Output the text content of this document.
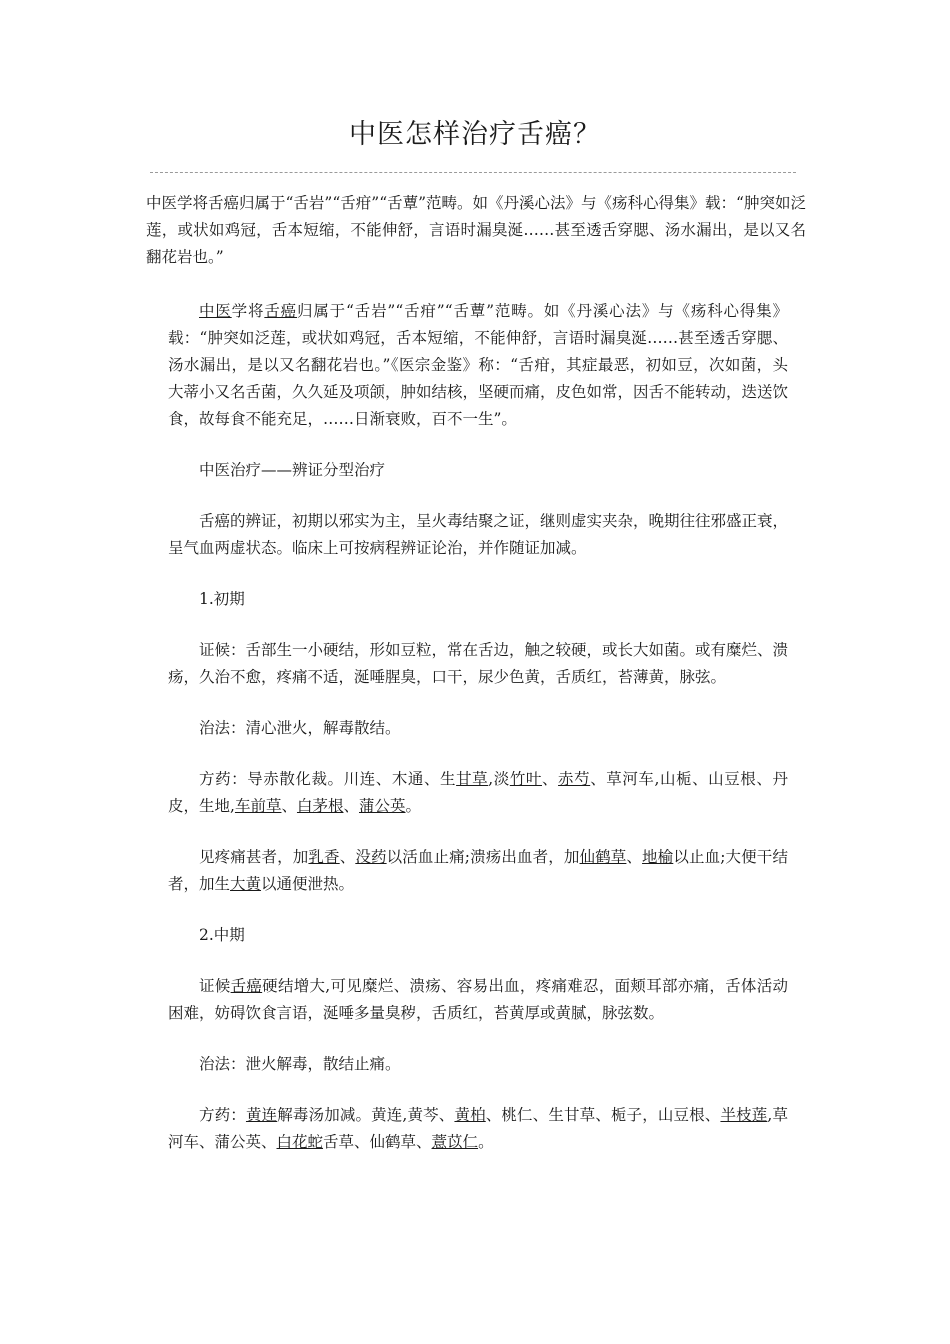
中医怎样治疗舌癌？
中医学将舌癌归属于“舌岩”“舌疳”“舌蕈”范畴。如《丹溪心法》与《疡科心得集》载：“肿突如泛莲，或状如鸡冠，舌本短缩，不能伸舒，言语时漏臭涎……甚至透舌穿腮、汤水漏出，是以又名翻花岩也。”

中医学将舌癌归属于“舌岩”“舌疳”“舌蕈”范畴。如《丹溪心法》与《疡科心得集》载：“肿突如泛莲，或状如鸡冠，舌本短缩，不能伸舒，言语时漏臭涎……甚至透舌穿腮、汤水漏出，是以又名翻花岩也。”《医宗金鉴》称：“舌疳，其症最恶，初如豆，次如菌，头大蒂小又名舌菌，久久延及项颌，肿如结核，坚硬而痛，皮色如常，因舌不能转动，迭送饮食，故每食不能充足，……日渐衰败，百不一生”。

中医治疗——辨证分型治疗

舌癌的辨证，初期以邪实为主，呈火毒结聚之证，继则虚实夹杂，晚期往往邪盛正衰，呈气血两虚状态。临床上可按病程辨证论治，并作随证加减。

1.初期

证候：舌部生一小硬结，形如豆粒，常在舌边，触之较硬，或长大如菌。或有糜烂、溃疡，久治不愈，疼痛不适，涎唾腥臭，口干，尿少色黄，舌质红，苔薄黄，脉弦。

治法：清心泄火，解毒散结。

方药：导赤散化裁。川连、木通、生甘草,淡竹叶、赤芍、草河车,山栀、山豆根、丹皮，生地,车前草、白茅根、蒲公英。

见疼痛甚者，加乳香、没药以活血止痛;溃疡出血者，加仙鹤草、地榆以止血;大便干结者，加生大黄以通便泄热。

2.中期

证候舌癌硬结增大,可见糜烂、溃疡、容易出血，疼痛难忍，面颊耳部亦痛，舌体活动困难，妨碍饮食言语，涎唾多量臭秽，舌质红，苔黄厚或黄腻，脉弦数。

治法：泄火解毒，散结止痛。

方药：黄连解毒汤加减。黄连,黄芩、黄柏、桃仁、生甘草、栀子，山豆根、半枝莲,草河车、蒲公英、白花蛇舌草、仙鹤草、薏苡仁。
